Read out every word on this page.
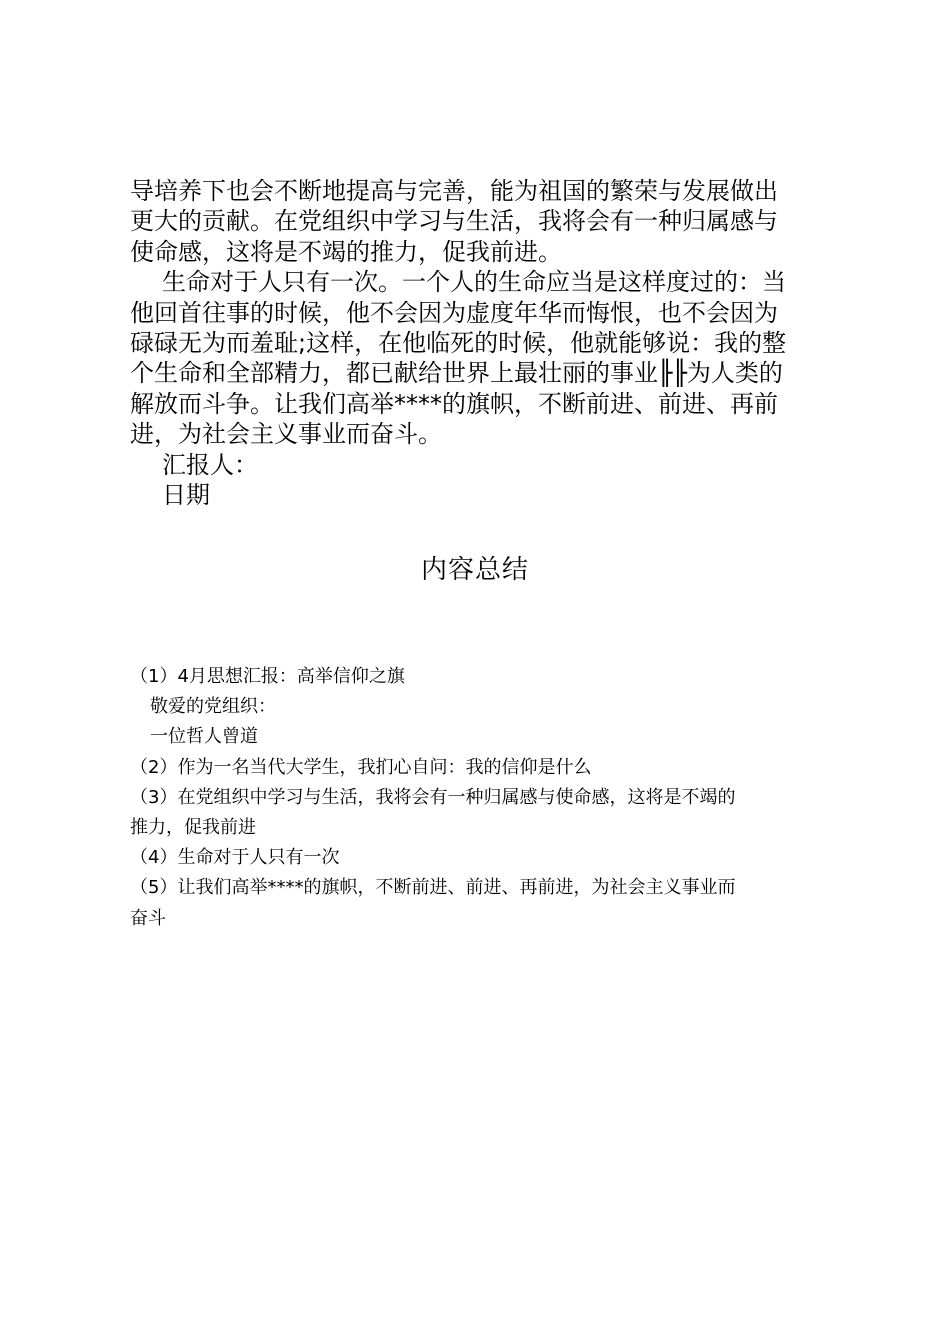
导培养下也会不断地提高与完善，能为祖国的繁荣与发展做出
更大的贡献。在党组织中学习与生活，我将会有一种归属感与
使命感，这将是不竭的推力，促我前进。
生命对于人只有一次。一个人的生命应当是这样度过的：当
他回首往事的时候，他不会因为虚度年华而悔恨，也不会因为
碌碌无为而羞耻;这样，在他临死的时候，他就能够说：我的整
个生命和全部精力，都已献给世界上最壮丽的事业╟╟为人类的
解放而斗争。让我们高举****的旗帜，不断前进、前进、再前
进，为社会主义事业而奋斗。
汇报人：
日期
内容总结
（1）4月思想汇报：高举信仰之旗
敬爱的党组织：
一位哲人曾道
（2）作为一名当代大学生，我扪心自问：我的信仰是什么
（3）在党组织中学习与生活，我将会有一种归属感与使命感，这将是不竭的
推力，促我前进
（4）生命对于人只有一次
（5）让我们高举****的旗帜，不断前进、前进、再前进，为社会主义事业而
奋斗
